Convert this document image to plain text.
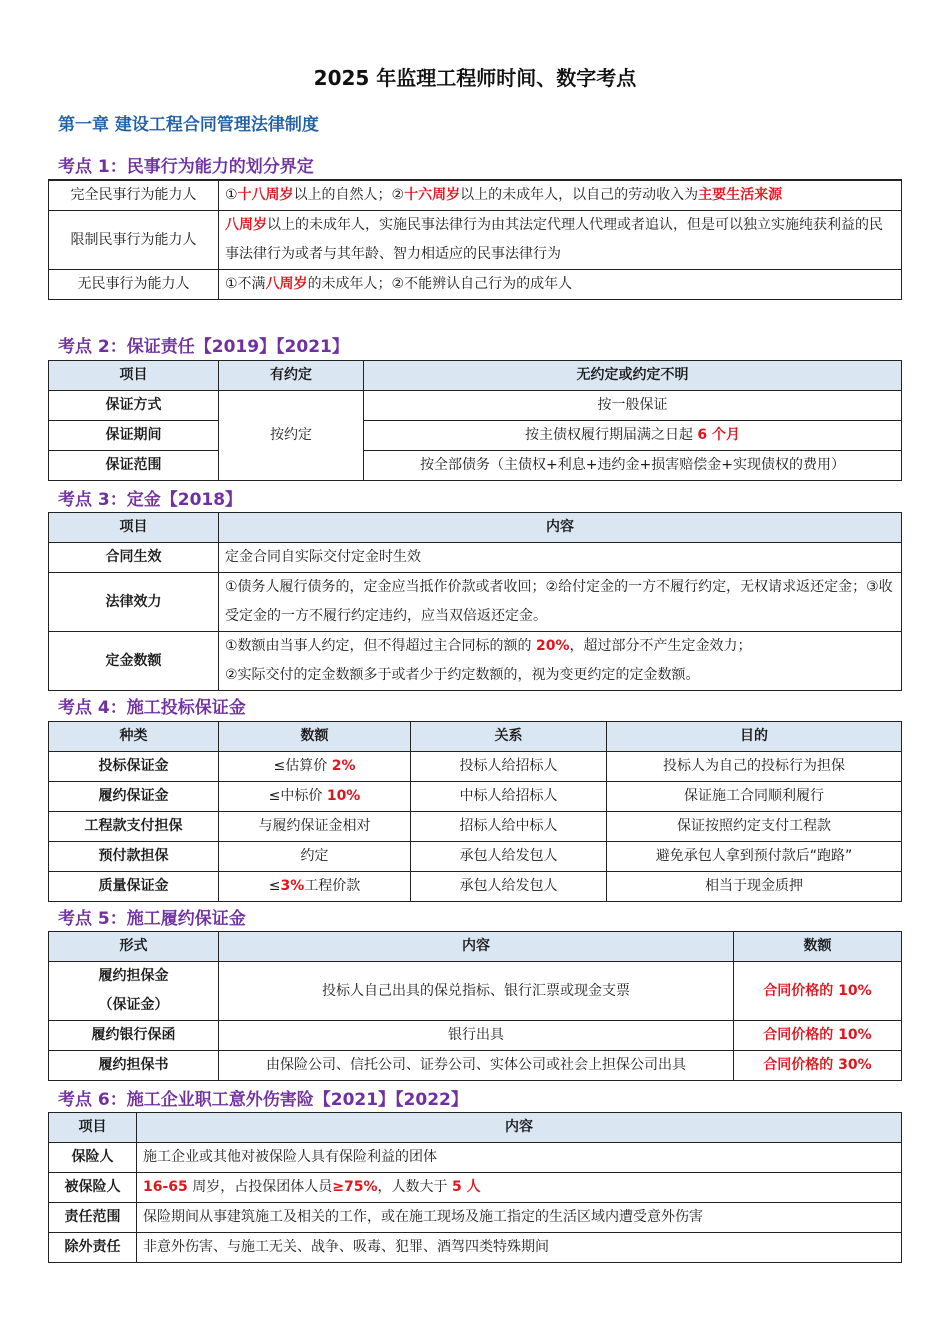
2025 年监理工程师时间、数字考点
第一章 建设工程合同管理法律制度
考点 1：民事行为能力的划分界定

完全民事行为能力人	①十八周岁以上的自然人；②十六周岁以上的未成年人，以自己的劳动收入为主要生活来源
限制民事行为能力人	八周岁以上的未成年人，实施民事法律行为由其法定代理人代理或者追认，但是可以独立实施纯获利益的民事法律行为或者与其年龄、智力相适应的民事法律行为
无民事行为能力人	①不满八周岁的未成年人；②不能辨认自己行为的成年人
考点 2：保证责任【2019】【2021】
项目	有约定	无约定或约定不明
保证方式	按约定	按一般保证
保证期间		按主债权履行期届满之日起 6 个月
保证范围		按全部债务（主债权+利息+违约金+损害赔偿金+实现债权的费用）
考点 3：定金【2018】
项目	内容
合同生效	定金合同自实际交付定金时生效
法律效力	①债务人履行债务的，定金应当抵作价款或者收回；②给付定金的一方不履行约定，无权请求返还定金；③收受定金的一方不履行约定违约，应当双倍返还定金。
定金数额	①数额由当事人约定，但不得超过主合同标的额的 20%，超过部分不产生定金效力；
②实际交付的定金数额多于或者少于约定数额的，视为变更约定的定金数额。
考点 4：施工投标保证金
种类	数额	关系	目的
投标保证金	≤估算价 2%	投标人给招标人	投标人为自己的投标行为担保
履约保证金	≤中标价 10%	中标人给招标人	保证施工合同顺利履行
工程款支付担保	与履约保证金相对	招标人给中标人	保证按照约定支付工程款
预付款担保	约定	承包人给发包人	避免承包人拿到预付款后“跑路”
质量保证金	≤3%工程价款	承包人给发包人	相当于现金质押
考点 5：施工履约保证金
形式	内容	数额
履约担保金
（保证金）	投标人自己出具的保兑指标、银行汇票或现金支票	合同价格的 10%
履约银行保函	银行出具	合同价格的 10%
履约担保书	由保险公司、信托公司、证券公司、实体公司或社会上担保公司出具	合同价格的 30%
考点 6：施工企业职工意外伤害险【2021】【2022】
项目	内容
保险人	施工企业或其他对被保险人具有保险利益的团体
被保险人	16-65 周岁，占投保团体人员≥75%，人数大于 5 人
责任范围	保险期间从事建筑施工及相关的工作，或在施工现场及施工指定的生活区域内遭受意外伤害
除外责任	非意外伤害、与施工无关、战争、吸毒、犯罪、酒驾四类特殊期间
